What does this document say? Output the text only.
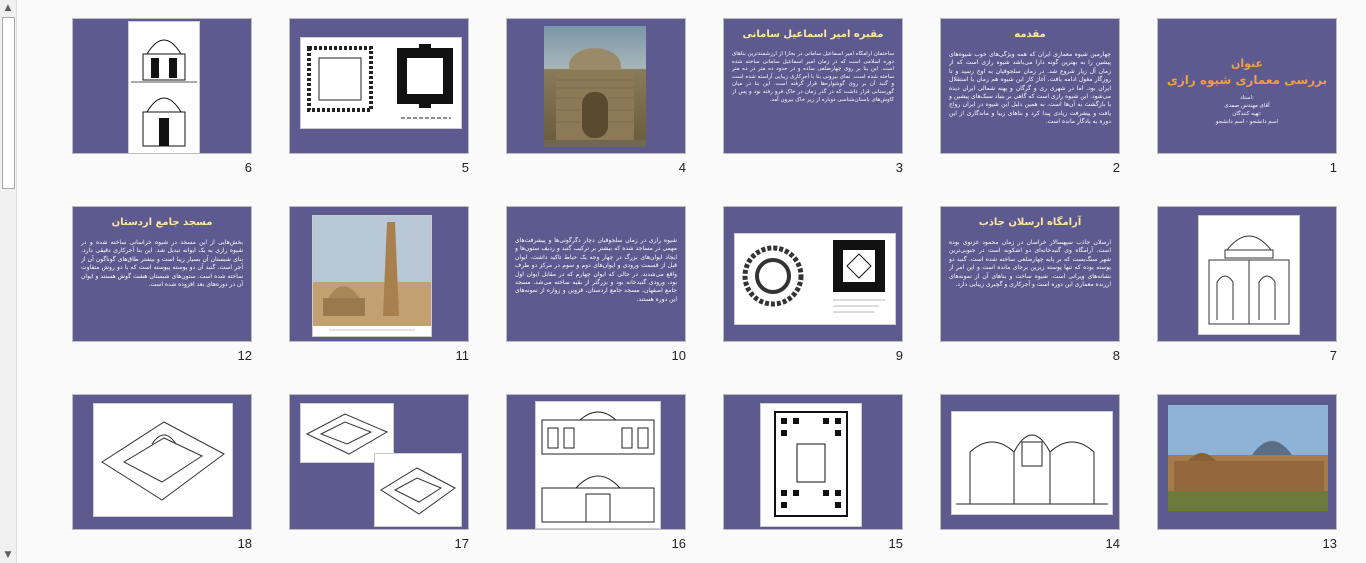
▲
▼
عنوان
بررسی معماری شیوه رازی
استاد:
آقای مهندس صمدی
تهیه کنندگان:
اسم دانشجو - اسم دانشجو
1
مقدمه
چهارمین شیوه معماری ایران که همه ویژگی‌های خوب شیوه‌های پیشین را به بهترین گونه دارا می‌باشد شیوه رازی است که از زمان آل زیار شروع شد. در زمان سلجوقیان به اوج رسید و تا روزگار مغول ادامه یافت. آغاز کار این شیوه هم زمان با استقلال ایران بود. اما در شهری ری و گرگان و پهنه شمالی ایران دیده می‌شود. این شیوه رازی است که گاهی بر بنیاد سبک‌های پیشین و یا بازگشت به آن‌ها است. به همین دلیل این شیوه در ایران رواج یافت و پیشرفت زیادی پیدا کرد و بناهای زیبا و ماندگاری از این دوره به یادگار مانده است.
2
مقبره امیر اسماعیل سامانی
ساختمان آرامگاه امیر اسماعیل سامانی در بخارا از ارزشمندترین بناهای دوره اسلامی است که در زمان امیر اسماعیل سامانی ساخته شده است. این بنا بر روی چهارضلعی ساده و در حدود ده متر در ده متر ساخته شده است. نمای بیرونی بنا با آجرکاری زیبایی آراسته شده است و گنبد آن بر روی گوشواره‌ها قرار گرفته است. این بنا در میان گورستانی قرار داشت که در گذر زمان در خاک فرو رفته بود و پس از کاوش‌های باستان‌شناسی دوباره از زیر خاک بیرون آمد.
3
4
5
6
7
آرامگاه ارسلان جاذب
ارسلان جاذب سپهسالار خراسان در زمان محمود غزنوی بوده است. آرامگاه وی گنبدخانه‌ای دو اشکوبه است در جنوبی‌ترین شهر سنگ‌بست که بر پایه چهارضلعی ساخته شده است. گنبد دو پوسته بوده که تنها پوسته زیرین برجای مانده است و این امر از نشانه‌های ویرانی است. شیوه ساخت و بناهای آن از نمونه‌های ارزنده معماری این دوره است و آجرکاری و گچبری زیبایی دارد.
8
9
شیوه رازی در زمان سلجوقیان دچار دگرگونی‌ها و پیشرفت‌های مهمی در مساجد شده که بیشتر بر ترکیب گنبد و ردیف ستون‌ها و ایجاد ایوان‌های بزرگ در چهار وجه یک حیاط تاکید داشت. ایوان قبل از قسمت ورودی و ایوان‌های دوم و سوم در مرکز دو طرف واقع می‌شدند. در حالی که ایوان چهارم که در مقابل ایوان اول بود، ورودی گنبدخانه بود و بزرگتر از بقیه ساخته می‌شد. مسجد جامع اصفهان، مسجد جامع اردستان، قزوین و زواره از نمونه‌های این دوره هستند.
10
11
مسجد جامع اردستان
بخش‌هایی از این مسجد در شیوه خراسانی ساخته شده و در شیوه رازی به یک ایوانه تبدیل شد. این بنا آجرکاری دقیقی دارد. بنای شبستان آن بسیار زیبا است و بیشتر طاق‌های گوناگون آن از آجر است. گنبد آن دو پوسته پیوسته است که با دو روش متفاوت ساخته شده است. ستون‌های شبستان هشت گوش هستند و ایوان آن در دوره‌های بعد افزوده شده است.
12
13
14
15
16
17
18
